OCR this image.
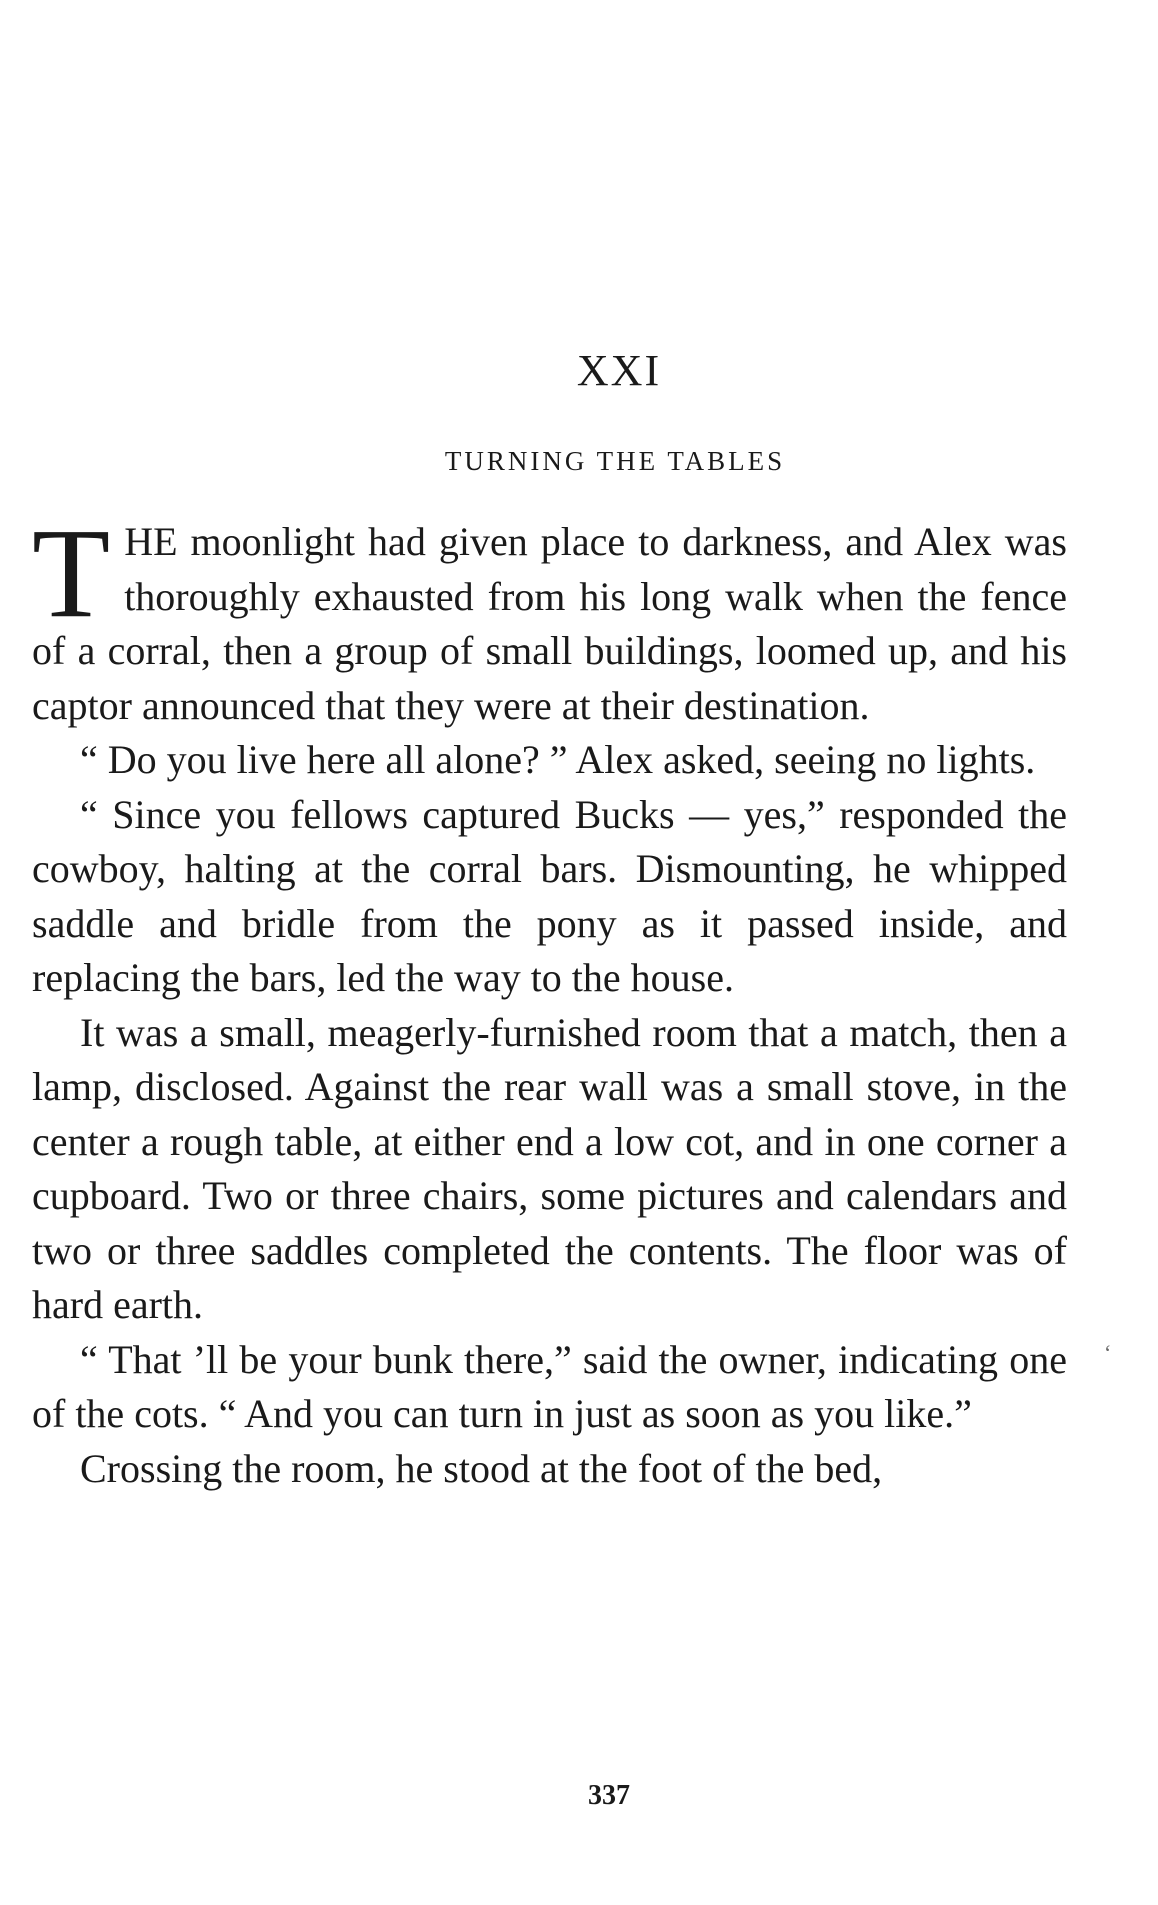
XXI
TURNING THE TABLES

THE moonlight had given place to darkness, and Alex was thoroughly exhausted from his long walk when the fence of a corral, then a group of small buildings, loomed up, and his captor announced that they were at their destination.

“ Do you live here all alone? ” Alex asked, seeing no lights.

“ Since you fellows captured Bucks — yes,” responded the cowboy, halting at the corral bars. Dismounting, he whipped saddle and bridle from the pony as it passed inside, and replacing the bars, led the way to the house.

It was a small, meagerly-furnished room that a match, then a lamp, disclosed. Against the rear wall was a small stove, in the center a rough table, at either end a low cot, and in one corner a cupboard. Two or three chairs, some pictures and calendars and two or three saddles completed the contents. The floor was of hard earth.

“ That ’ll be your bunk there,” said the owner, indicating one of the cots. “ And you can turn in just as soon as you like.”

Crossing the room, he stood at the foot of the bed,

337
‘
